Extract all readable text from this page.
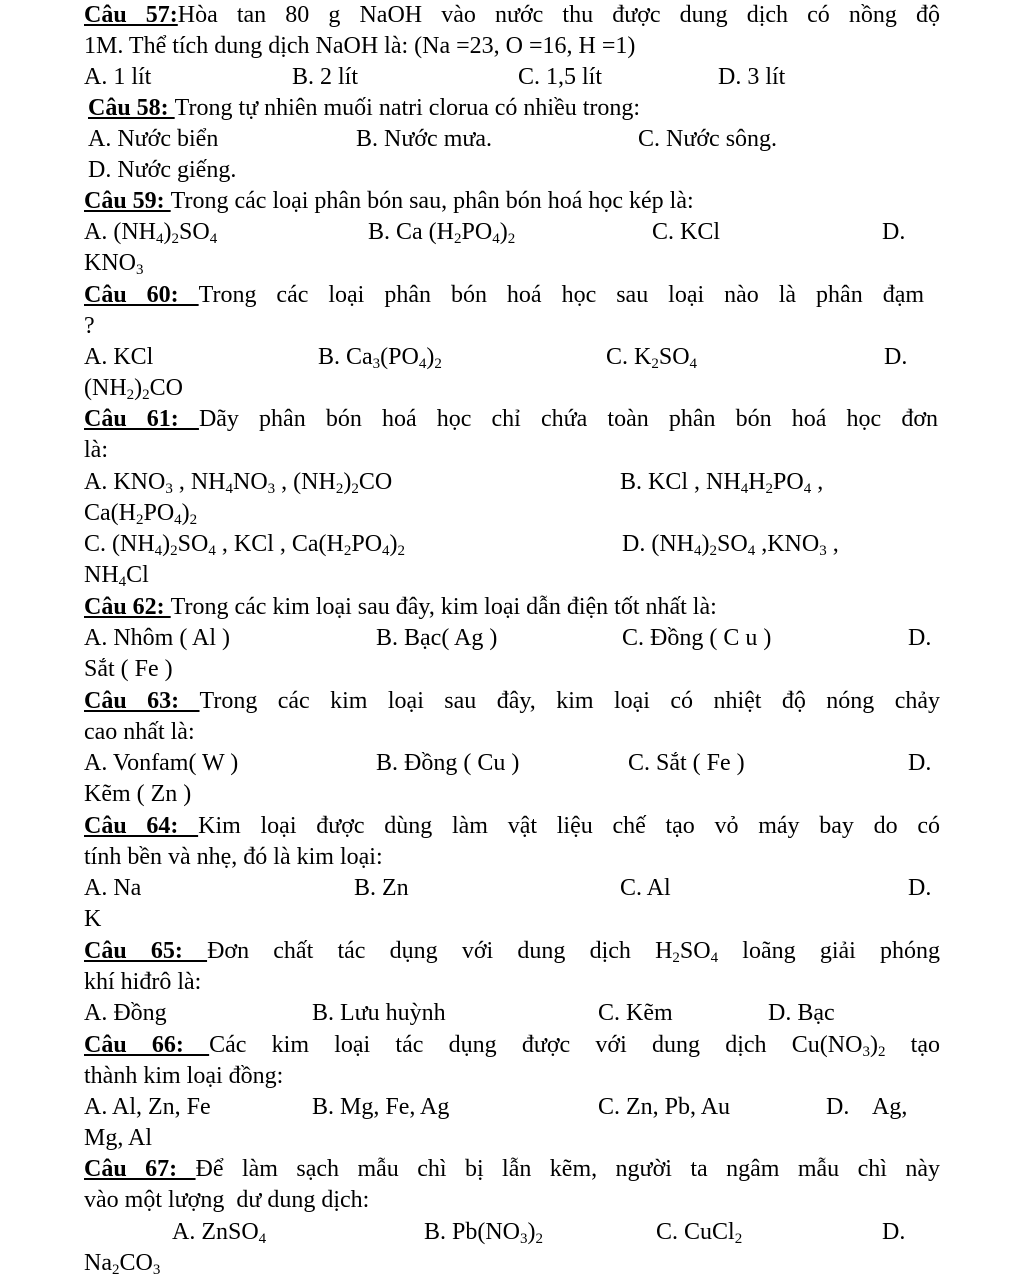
Câu 57:Hòa tan 80 g NaOH vào nước thu được dung dịch có nồng độ
1M. Thể tích dung dịch NaOH là: (Na =23, O =16, H =1)
A. 1 lít	B. 2 lít	C. 1,5 lít	D. 3 lít
Câu 58: Trong tự nhiên muối natri clorua có nhiều trong:
A. Nước biển	B. Nước mưa.	C. Nước sông.
D. Nước giếng.
Câu 59: Trong các loại phân bón sau, phân bón hoá học kép là:
A. $(NH_4)_2SO_4$	B. Ca $(H_2PO_4)_2$	C. KCl	D.
$KNO_3$
Câu 60: Trong các loại phân bón hoá học sau loại nào là phân đạm
?
A. KCl	B. $Ca_3(PO_4)_2$	C. $K_2SO_4$	D.
$(NH_2)_2CO$
Câu 61: Dãy phân bón hoá học chỉ chứa toàn phân bón hoá học đơn
là:
A. $KNO_3$ , $NH_4NO_3$ , $(NH_2)_2CO$	B. KCl , $NH_4H_2PO_4$ ,
$Ca(H_2PO_4)_2$
C. $(NH_4)_2SO_4$ , KCl , $Ca(H_2PO_4)_2$	D. $(NH_4)_2SO_4$ $,KNO_3$ ,
$NH_4Cl$
Câu 62: Trong các kim loại sau đây, kim loại dẫn điện tốt nhất là:
A. Nhôm ( Al )	B. Bạc( Ag )	C. Đồng ( C u )	D.
Sắt ( Fe )
Câu 63: Trong các kim loại sau đây, kim loại có nhiệt độ nóng chảy
cao nhất là:
A. Vonfam( W )	B. Đồng ( Cu )	C. Sắt ( Fe )	D.
Kẽm ( Zn )
Câu 64: Kim loại được dùng làm vật liệu chế tạo vỏ máy bay do có
tính bền và nhẹ, đó là kim loại:
A. Na	B. Zn	C. Al	D.
K
Câu 65: Đơn chất tác dụng với dung dịch $H_2SO_4$ loãng giải phóng
khí hiđrô là:
A. Đồng	B. Lưu huỳnh	C. Kẽm	D. Bạc
Câu 66: Các kim loại tác dụng được với dung dịch $Cu(NO_3)_2$ tạo
thành kim loại đồng:
A. Al, Zn, Fe	B. Mg, Fe, Ag	C. Zn, Pb, Au	D.    Ag,
Mg, Al
Câu 67: Để làm sạch mẫu chì bị lẫn kẽm, người ta ngâm mẫu chì này
vào một lượng  dư dung dịch:
A. ZnSO$_4$	B. $Pb(NO_3)_2$	C. CuCl$_2$	D.
$Na_2CO_3$
